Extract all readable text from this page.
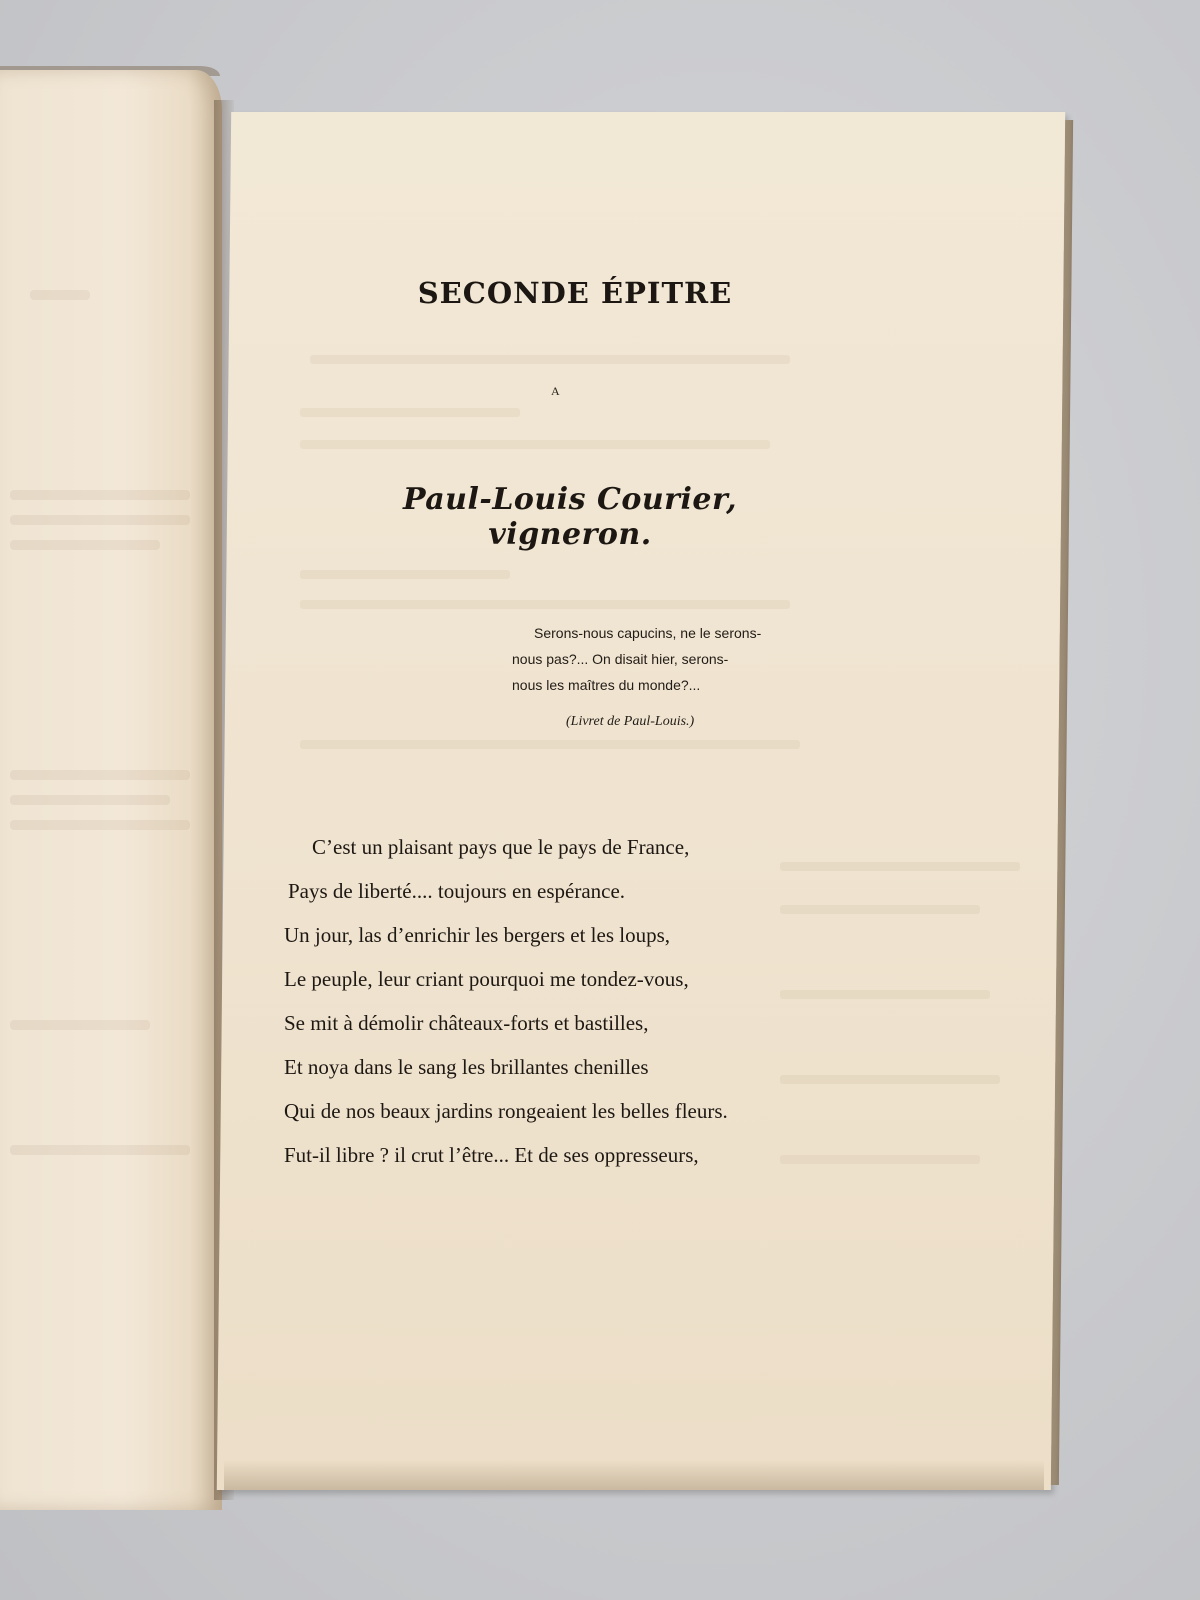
SECONDE ÉPITRE
A
Paul-Louis Courier, vigneron.
Serons-nous capucins, ne le serons-
nous pas?... On disait hier, serons-
nous les maîtres du monde?...
(Livret de Paul-Louis.)
C’est un plaisant pays que le pays de France,
Pays de liberté.... toujours en espérance.
Un jour, las d’enrichir les bergers et les loups,
Le peuple, leur criant pourquoi me tondez-vous,
Se mit à démolir châteaux-forts et bastilles,
Et noya dans le sang les brillantes chenilles
Qui de nos beaux jardins rongeaient les belles fleurs.
Fut-il libre ? il crut l’être... Et de ses oppresseurs,
